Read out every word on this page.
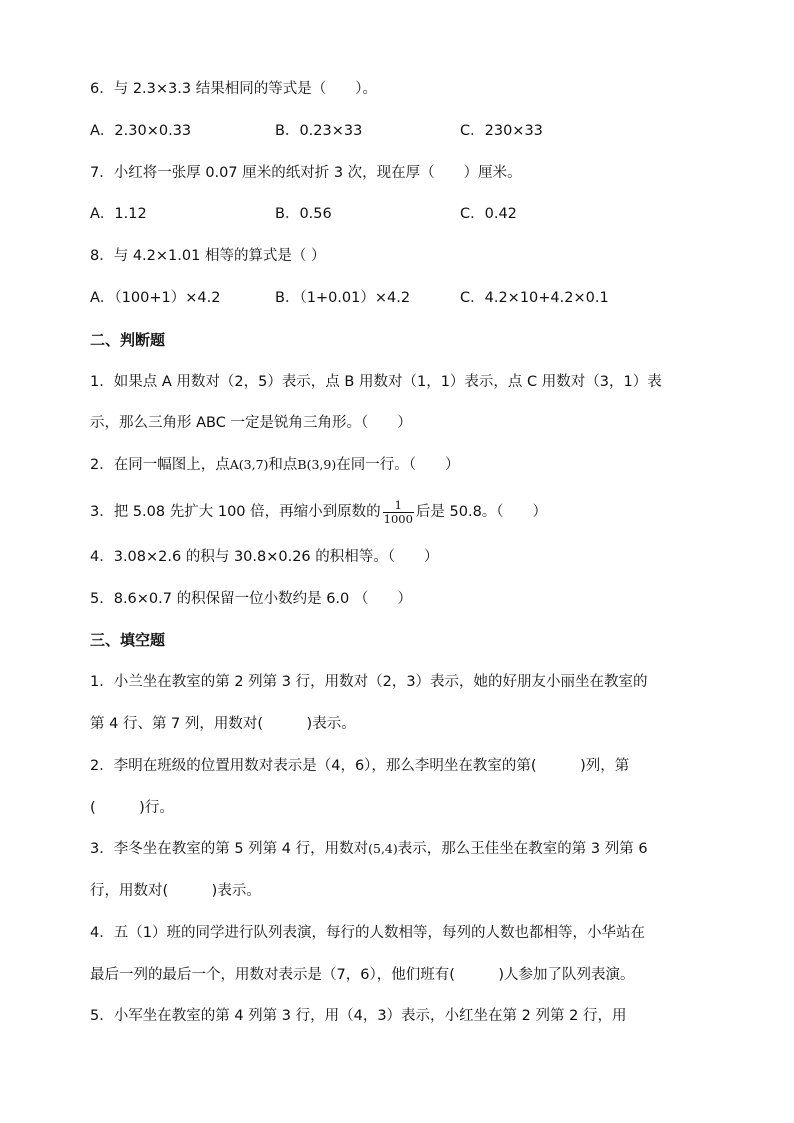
6．与 2.3×3.3 结果相同的等式是（　　）。
A．2.30×0.33	B．0.23×33	C．230×33
7．小红将一张厚 0.07 厘米的纸对折 3 次，现在厚（　　）厘米。
A．1.12	B．0.56	C．0.42
8．与 4.2×1.01 相等的算式是（ ）
A．（100+1）×4.2	B．（1+0.01）×4.2	C．4.2×10+4.2×0.1
二、判断题
1．如果点 A 用数对（2，5）表示，点 B 用数对（1，1）表示，点 C 用数对（3，1）表
示，那么三角形 ABC 一定是锐角三角形。（　　）
2．在同一幅图上，点A(3,7)和点B(3,9)在同一行。（　　）
3．把 5.08 先扩大 100 倍，再缩小到原数的 $\frac{1}{1000}$ 后是 50.8。（　　）
4．3.08×2.6 的积与 30.8×0.26 的积相等。（　　）
5．8.6×0.7 的积保留一位小数约是 6.0 （　　）
三、填空题
1．小兰坐在教室的第 2 列第 3 行，用数对（2，3）表示，她的好朋友小丽坐在教室的
第 4 行、第 7 列，用数对(　　　)表示。
2．李明在班级的位置用数对表示是（4，6），那么李明坐在教室的第(　　　)列，第
(　　　)行。
3．李冬坐在教室的第 5 列第 4 行，用数对(5,4)表示，那么王佳坐在教室的第 3 列第 6
行，用数对(　　　)表示。
4．五（1）班的同学进行队列表演，每行的人数相等，每列的人数也都相等，小华站在
最后一列的最后一个，用数对表示是（7，6），他们班有(　　　)人参加了队列表演。
5．小军坐在教室的第 4 列第 3 行，用（4，3）表示，小红坐在第 2 列第 2 行，用
